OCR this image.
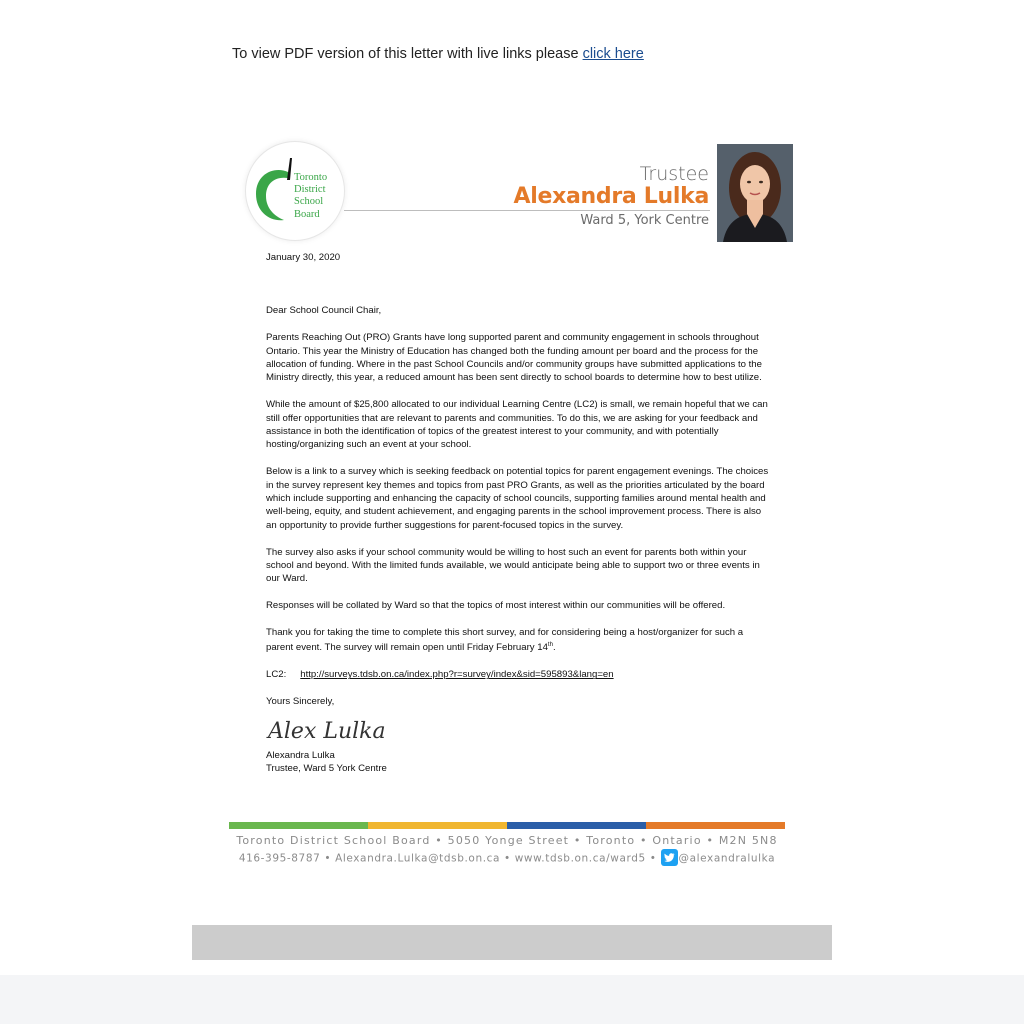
To view PDF version of this letter with live links please click here
Toronto
District
School
Board
Trustee
Alexandra Lulka
Ward 5, York Centre

January 30, 2020

Dear School Council Chair,

Parents Reaching Out (PRO) Grants have long supported parent and community engagement in schools throughout Ontario. This year the Ministry of Education has changed both the funding amount per board and the process for the allocation of funding. Where in the past School Councils and/or community groups have submitted applications to the Ministry directly, this year, a reduced amount has been sent directly to school boards to determine how to best utilize.

While the amount of $25,800 allocated to our individual Learning Centre (LC2) is small, we remain hopeful that we can still offer opportunities that are relevant to parents and communities. To do this, we are asking for your feedback and assistance in both the identification of topics of the greatest interest to your community, and with potentially hosting/organizing such an event at your school.

Below is a link to a survey which is seeking feedback on potential topics for parent engagement evenings. The choices in the survey represent key themes and topics from past PRO Grants, as well as the priorities articulated by the board which include supporting and enhancing the capacity of school councils, supporting families around mental health and well-being, equity, and student achievement, and engaging parents in the school improvement process. There is also an opportunity to provide further suggestions for parent-focused topics in the survey.

The survey also asks if your school community would be willing to host such an event for parents both within your school and beyond. With the limited funds available, we would anticipate being able to support two or three events in our Ward.

Responses will be collated by Ward so that the topics of most interest within our communities will be offered.

Thank you for taking the time to complete this short survey, and for considering being a host/organizer for such a parent event. The survey will remain open until Friday February 14th.

LC2: http://surveys.tdsb.on.ca/index.php?r=survey/index&sid=595893&lang=en

Yours Sincerely,

Alex Lulka

Alexandra Lulka

Trustee, Ward 5 York Centre

Toronto District School Board • 5050 Yonge Street • Toronto • Ontario • M2N 5N8
416-395-8787 • Alexandra.Lulka@tdsb.on.ca • www.tdsb.on.ca/ward5 • @alexandralulka
